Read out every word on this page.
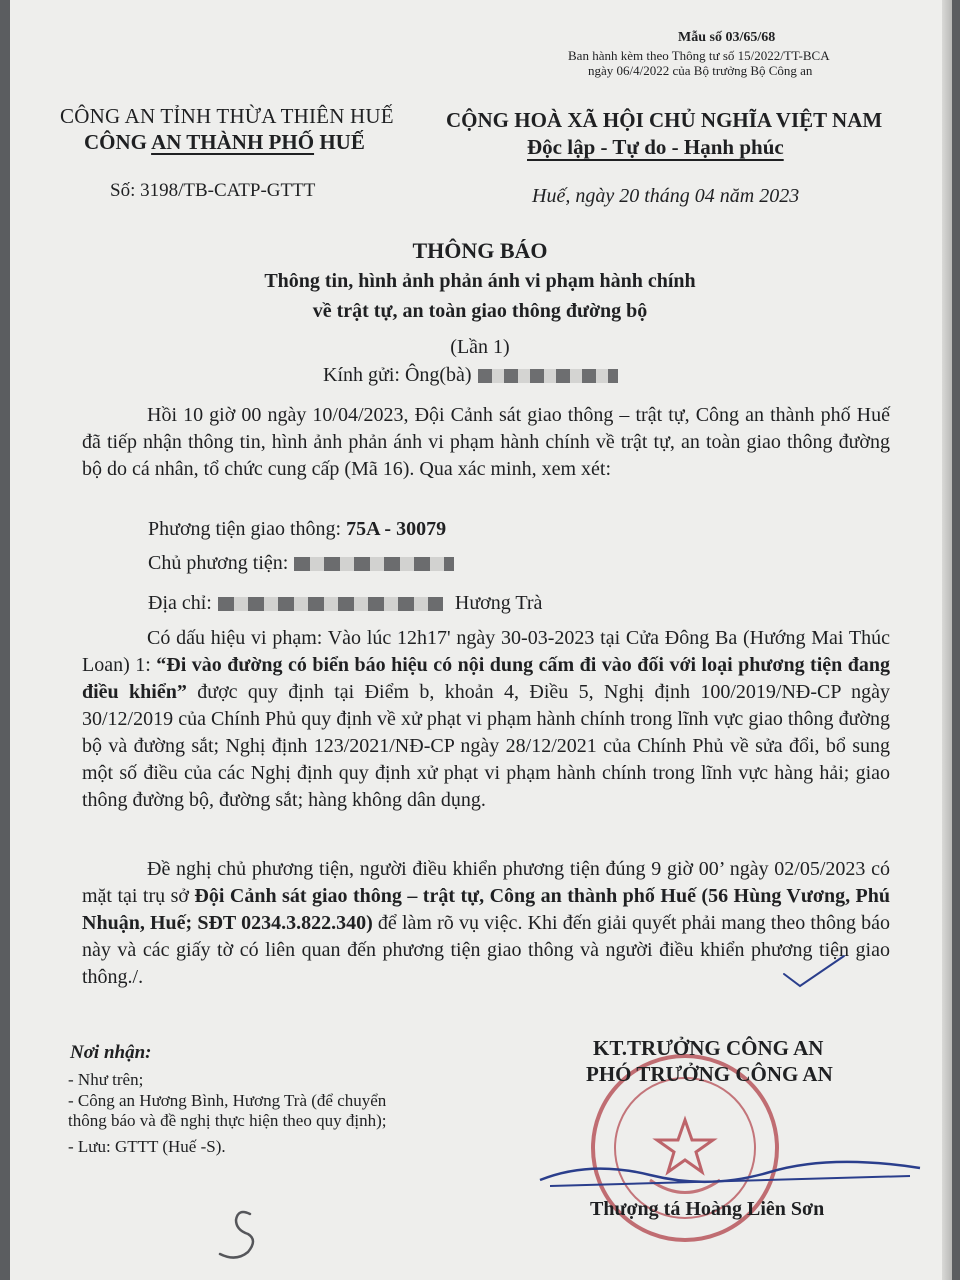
Mẫu số 03/65/68
Ban hành kèm theo Thông tư số 15/2022/TT-BCA
ngày 06/4/2022 của Bộ trưởng Bộ Công an
CÔNG AN TỈNH THỪA THIÊN HUẾ
CÔNG AN THÀNH PHỐ HUẾ
CỘNG HOÀ XÃ HỘI CHỦ NGHĨA VIỆT NAM
Độc lập - Tự do - Hạnh phúc
Số: 3198/TB-CATP-GTTT	Huế, ngày 20 tháng 04 năm 2023
THÔNG BÁO
Thông tin, hình ảnh phản ánh vi phạm hành chính
về trật tự, an toàn giao thông đường bộ
(Lần 1)
Kính gửi: Ông(bà)
Hồi 10 giờ 00 ngày 10/04/2023, Đội Cảnh sát giao thông – trật tự, Công an thành phố Huế đã tiếp nhận thông tin, hình ảnh phản ánh vi phạm hành chính về trật tự, an toàn giao thông đường bộ do cá nhân, tổ chức cung cấp (Mã 16). Qua xác minh, xem xét:
Phương tiện giao thông: 75A - 30079
Chủ phương tiện:
Địa chỉ:	Hương Trà
Có dấu hiệu vi phạm: Vào lúc 12h17' ngày 30-03-2023 tại Cửa Đông Ba (Hướng Mai Thúc Loan) 1: “Đi vào đường có biển báo hiệu có nội dung cấm đi vào đối với loại phương tiện đang điều khiển” được quy định tại Điểm b, khoản 4, Điều 5, Nghị định 100/2019/NĐ-CP ngày 30/12/2019 của Chính Phủ quy định về xử phạt vi phạm hành chính trong lĩnh vực giao thông đường bộ và đường sắt; Nghị định 123/2021/NĐ-CP ngày 28/12/2021 của Chính Phủ về sửa đổi, bổ sung một số điều của các Nghị định quy định xử phạt vi phạm hành chính trong lĩnh vực hàng hải; giao thông đường bộ, đường sắt; hàng không dân dụng.
Đề nghị chủ phương tiện, người điều khiển phương tiện đúng 9 giờ 00’ ngày 02/05/2023 có mặt tại trụ sở Đội Cảnh sát giao thông – trật tự, Công an thành phố Huế (56 Hùng Vương, Phú Nhuận, Huế; SĐT 0234.3.822.340) để làm rõ vụ việc. Khi đến giải quyết phải mang theo thông báo này và các giấy tờ có liên quan đến phương tiện giao thông và người điều khiển phương tiện giao thông./.
Nơi nhận:
- Như trên;
- Công an Hương Bình, Hương Trà (để chuyển
thông báo và đề nghị thực hiện theo quy định);
- Lưu: GTTT (Huế -S).
KT.TRƯỞNG CÔNG AN
PHÓ TRƯỞNG CÔNG AN
Thượng tá Hoàng Liên Sơn
